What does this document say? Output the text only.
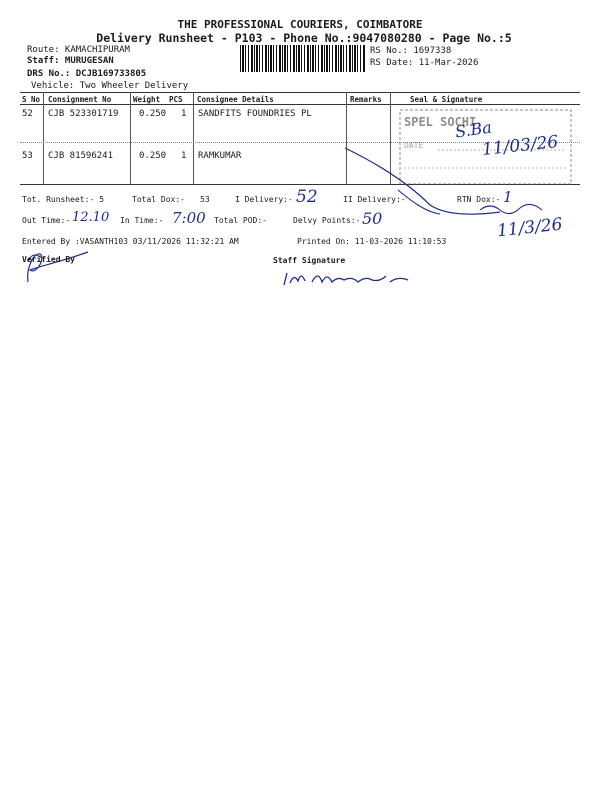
THE PROFESSIONAL COURIERS, COIMBATORE
Delivery Runsheet - P103 - Phone No.:9047080280 - Page No.:5
Route: KAMACHIPURAM
Staff: MURUGESAN
DRS No.: DCJB169733805
Vehicle: Two Wheeler Delivery
RS No.: 1697338
RS Date: 11-Mar-2026
S No Consignment No	Weight PCS Consignee Details	Remarks	Seal & Signature
52 CJB 523301719 0.250 1 SANDFITS FOUNDRIES PL
53 CJB 81596241	0.250 1 RAMKUMAR
SPEL SOCHI
DATE
S.Ba
11/03/26
Tot. Runsheet:- 5	Total Dox:- 53	I Delivery:- 52	II Delivery:-	RTN Dox:- 1
Out Time:- 12.10 In Time:- 7:00 Total POD:-	Delvy Points:- 50	11/3/26
Entered By :VASANTH103 03/11/2026 11:32:21 AM	Printed On: 11-03-2026 11:10:53
Verified By	Staff Signature
